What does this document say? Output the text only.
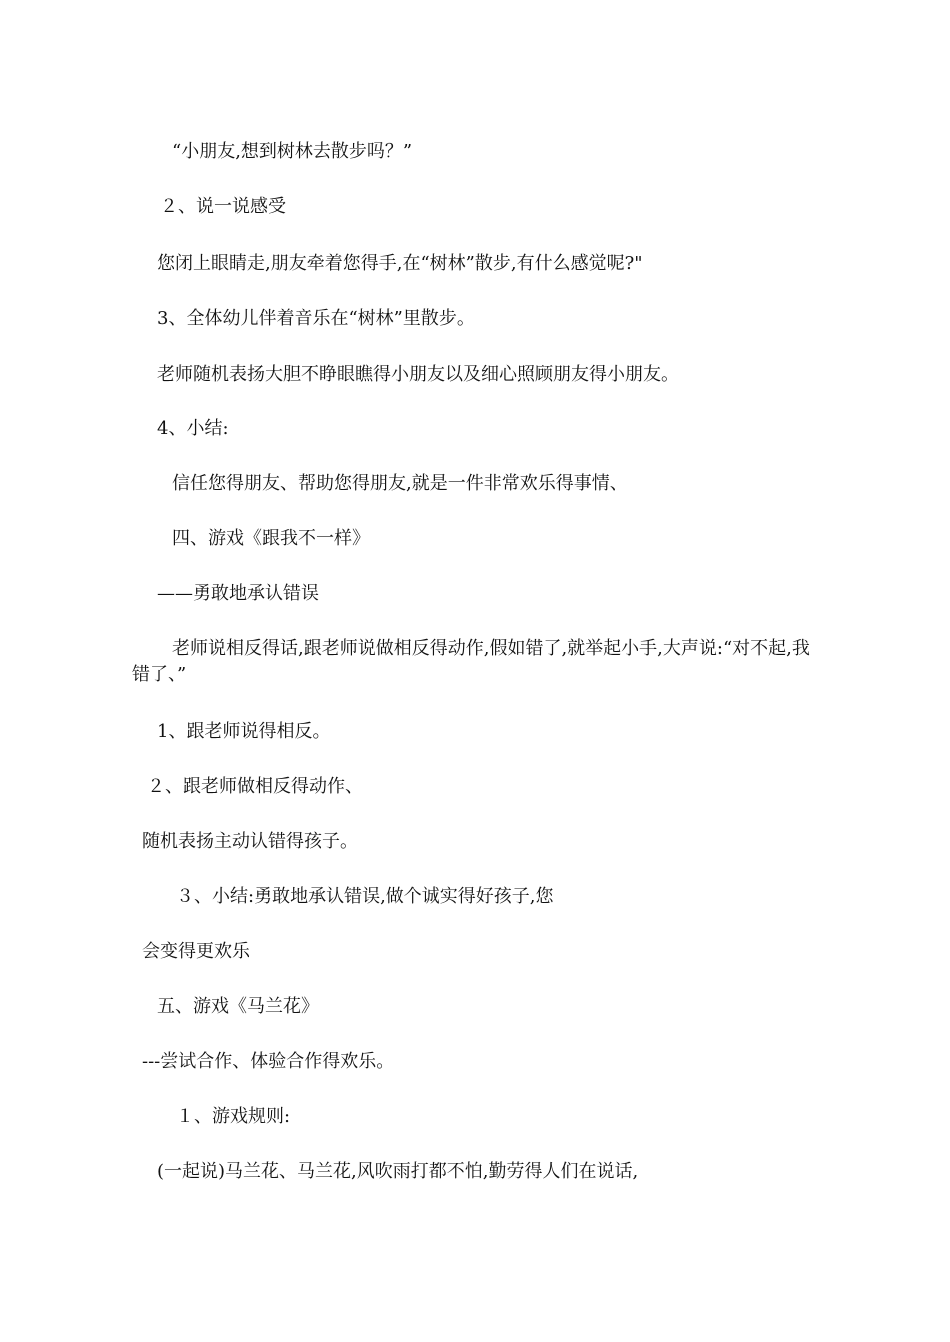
“小朋友,想到树林去散步吗？”
２、说一说感受
您闭上眼睛走,朋友牵着您得手,在“树林”散步,有什么感觉呢?"
3、全体幼儿伴着音乐在“树林”里散步。
老师随机表扬大胆不睁眼瞧得小朋友以及细心照顾朋友得小朋友。
4、小结:
信任您得朋友、帮助您得朋友,就是一件非常欢乐得事情、
四、游戏《跟我不一样》
——勇敢地承认错误
老师说相反得话,跟老师说做相反得动作,假如错了,就举起小手,大声说:“对不起,我错了、”
1、跟老师说得相反。
２、跟老师做相反得动作、
随机表扬主动认错得孩子。
３、小结:勇敢地承认错误,做个诚实得好孩子,您
会变得更欢乐
五、游戏《马兰花》
---尝试合作、体验合作得欢乐。
１、游戏规则:
(一起说)马兰花、马兰花,风吹雨打都不怕,勤劳得人们在说话,
